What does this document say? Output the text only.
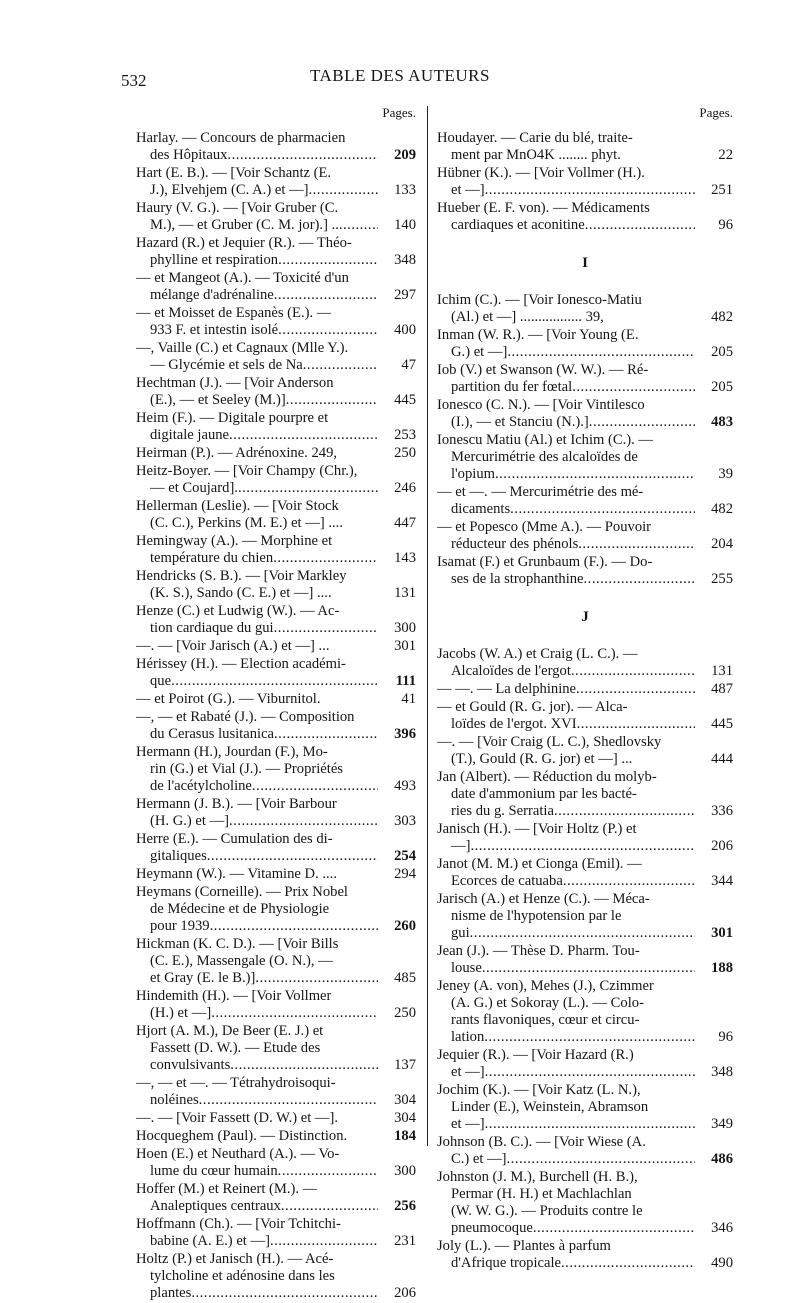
532	TABLE DES AUTEURS
Pages.
Harlay. — Concours de pharmacien
des Hôpitaux .....	209
Hart (E. B.). — [Voir Schantz (E.
J.), Elvehjem (C. A.) et —] .....	133
Haury (V. G.). — [Voir Gruber (C.
M.), — et Gruber (C. M. jor).] .. .....	140
Hazard (R.) et Jequier (R.). — Théo-
phylline et respiration .....	348
— et Mangeot (A.). — Toxicité d'un
mélange d'adrénaline .....	297
— et Moisset de Espanès (E.). —
933 F. et intestin isolé .....	400
—, Vaille (C.) et Cagnaux (Mlle Y.).
— Glycémie et sels de Na .....	47
Hechtman (J.). — [Voir Anderson
(E.), — et Seeley (M.)] .....	445
Heim (F.). — Digitale pourpre et
digitale jaune .....	253
Heirman (P.). — Adrénoxine. 249,	250
Heitz-Boyer. — [Voir Champy (Chr.),
— et Coujard]. .....	246
Hellerman (Leslie). — [Voir Stock
(C. C.), Perkins (M. E.) et —] ....	447
Hemingway (A.). — Morphine et
température du chien .....	143
Hendricks (S. B.). — [Voir Markley
(K. S.), Sando (C. E.) et —] ....	131
Henze (C.) et Ludwig (W.). — Ac-
tion cardiaque du gui .....	300
—. — [Voir Jarisch (A.) et —] ...	301
Hérissey (H.). — Election académi-
que .....	111
— et Poirot (G.). — Viburnitol.	41
—, — et Rabaté (J.). — Composition
du Cerasus lusitanica .....	396
Hermann (H.), Jourdan (F.), Mo-
rin (G.) et Vial (J.). — Propriétés
de l'acétylcholine .....	493
Hermann (J. B.). — [Voir Barbour
(H. G.) et —] .....	303
Herre (E.). — Cumulation des di-
gitaliques .....	254
Heymann (W.). — Vitamine D. ....	294
Heymans (Corneille). — Prix Nobel
de Médecine et de Physiologie
pour 1939 .....	260
Hickman (K. C. D.). — [Voir Bills
(C. E.), Massengale (O. N.), —
et Gray (E. le B.)] .....	485
Hindemith (H.). — [Voir Vollmer
(H.) et —] .....	250
Hjort (A. M.), De Beer (E. J.) et
Fassett (D. W.). — Etude des
convulsivants .....	137
—, — et —. — Tétrahydroisoqui-
noléines .....	304
—. — [Voir Fassett (D. W.) et —].	304
Hocqueghem (Paul). — Distinction.	184
Hoen (E.) et Neuthard (A.). — Vo-
lume du cœur humain .....	300
Hoffer (M.) et Reinert (M.). —
Analeptiques centraux .....	256
Hoffmann (Ch.). — [Voir Tchitchi-
babine (A. E.) et —] .....	231
Holtz (P.) et Janisch (H.). — Acé-
tylcholine et adénosine dans les
plantes .....	206
Pages.
Houdayer. — Carie du blé, traite-
ment par MnO4K ........ phyt.	22
Hübner (K.). — [Voir Vollmer (H.).
et —] .....	251
Hueber (E. F. von). — Médicaments
cardiaques et aconitine .....	96
I
Ichim (C.). — [Voir Ionesco-Matiu
(Al.) et —] ................. 39,	482
Inman (W. R.). — [Voir Young (E.
G.) et —] .....	205
Iob (V.) et Swanson (W. W.). — Ré-
partition du fer fœtal .....	205
Ionesco (C. N.). — [Voir Vintilesco
(I.), — et Stanciu (N.).] .....	483
Ionescu Matiu (Al.) et Ichim (C.). —
Mercurimétrie des alcaloïdes de
l'opium .....	39
— et —. — Mercurimétrie des mé-
dicaments .....	482
— et Popesco (Mme A.). — Pouvoir
réducteur des phénols .....	204
Isamat (F.) et Grunbaum (F.). — Do-
ses de la strophanthine .....	255
J
Jacobs (W. A.) et Craig (L. C.). —
Alcaloïdes de l'ergot .....	131
— —. — La delphinine .....	487
— et Gould (R. G. jor). — Alca-
loïdes de l'ergot. XVI .....	445
—. — [Voir Craig (L. C.), Shedlovsky
(T.), Gould (R. G. jor) et —] ...	444
Jan (Albert). — Réduction du molyb-
date d'ammonium par les bacté-
ries du g. Serratia .....	336
Janisch (H.). — [Voir Holtz (P.) et
—] .....	206
Janot (M. M.) et Cionga (Emil). —
Ecorces de catuaba .....	344
Jarisch (A.) et Henze (C.). — Méca-
nisme de l'hypotension par le
gui .....	301
Jean (J.). — Thèse D. Pharm. Tou-
louse .....	188
Jeney (A. von), Mehes (J.), Czimmer
(A. G.) et Sokoray (L.). — Colo-
rants flavoniques, cœur et circu-
lation .....	96
Jequier (R.). — [Voir Hazard (R.)
et —] .....	348
Jochim (K.). — [Voir Katz (L. N.),
Linder (E.), Weinstein, Abramson
et —] .....	349
Johnson (B. C.). — [Voir Wiese (A.
C.) et —] .....	486
Johnston (J. M.), Burchell (H. B.),
Permar (H. H.) et Machlachlan
(W. W. G.). — Produits contre le
pneumocoque .....	346
Joly (L.). — Plantes à parfum
d'Afrique tropicale .....	490
